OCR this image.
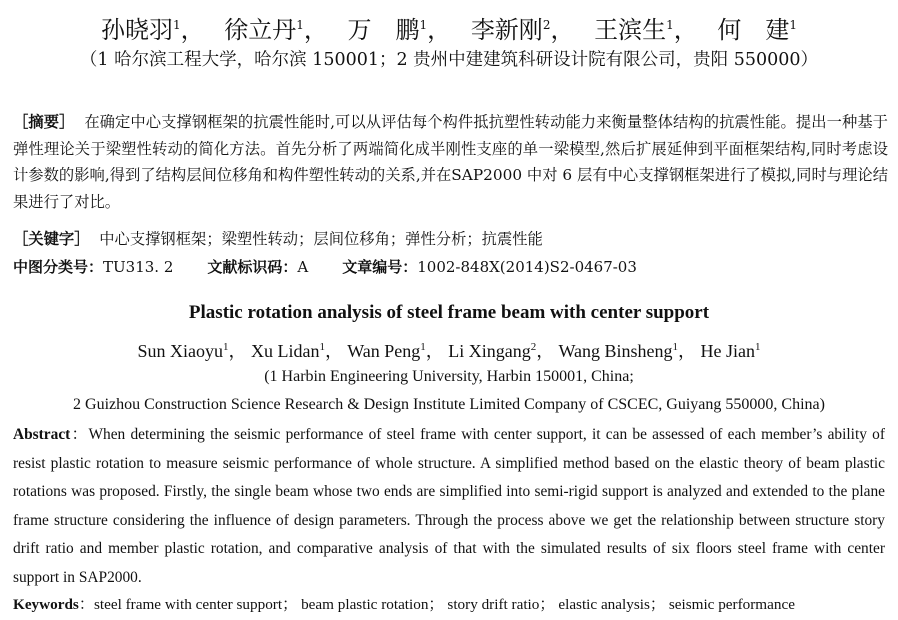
孙晓羽$^1$， 徐立丹$^1$， 万　鹏$^1$， 李新刚$^2$， 王滨生$^1$， 何　建$^1$
（1 哈尔滨工程大学，哈尔滨 150001；2 贵州中建建筑科研设计院有限公司，贵阳 550000）
［摘要］ 在确定中心支撑钢框架的抗震性能时,可以从评估每个构件抵抗塑性转动能力来衡量整体结构的抗震性能。提出一种基于弹性理论关于梁塑性转动的简化方法。首先分析了两端简化成半刚性支座的单一梁模型,然后扩展延伸到平面框架结构,同时考虑设计参数的影响,得到了结构层间位移角和构件塑性转动的关系,并在SAP2000 中对 6 层有中心支撑钢框架进行了模拟,同时与理论结果进行了对比。
［关键字］ 中心支撑钢框架；梁塑性转动；层间位移角；弹性分析；抗震性能
中图分类号：TU313. 2 文献标识码：A 文章编号：1002-848X(2014)S2-0467-03
Plastic rotation analysis of steel frame beam with center support
Sun Xiaoyu$^1$， Xu Lidan$^1$， Wan Peng$^1$， Li Xingang$^2$， Wang Binsheng$^1$， He Jian$^1$
(1 Harbin Engineering University, Harbin 150001, China;
2 Guizhou Construction Science Research & Design Institute Limited Company of CSCEC, Guiyang 550000, China)
Abstract：When determining the seismic performance of steel frame with center support, it can be assessed of each member’s ability of resist plastic rotation to measure seismic performance of whole structure. A simplified method based on the elastic theory of beam plastic rotations was proposed. Firstly, the single beam whose two ends are simplified into semi-rigid support is analyzed and extended to the plane frame structure considering the influence of design parameters. Through the process above we get the relationship between structure story drift ratio and member plastic rotation, and comparative analysis of that with the simulated results of six floors steel frame with center support in SAP2000.
Keywords：steel frame with center support； beam plastic rotation； story drift ratio； elastic analysis； seismic performance
